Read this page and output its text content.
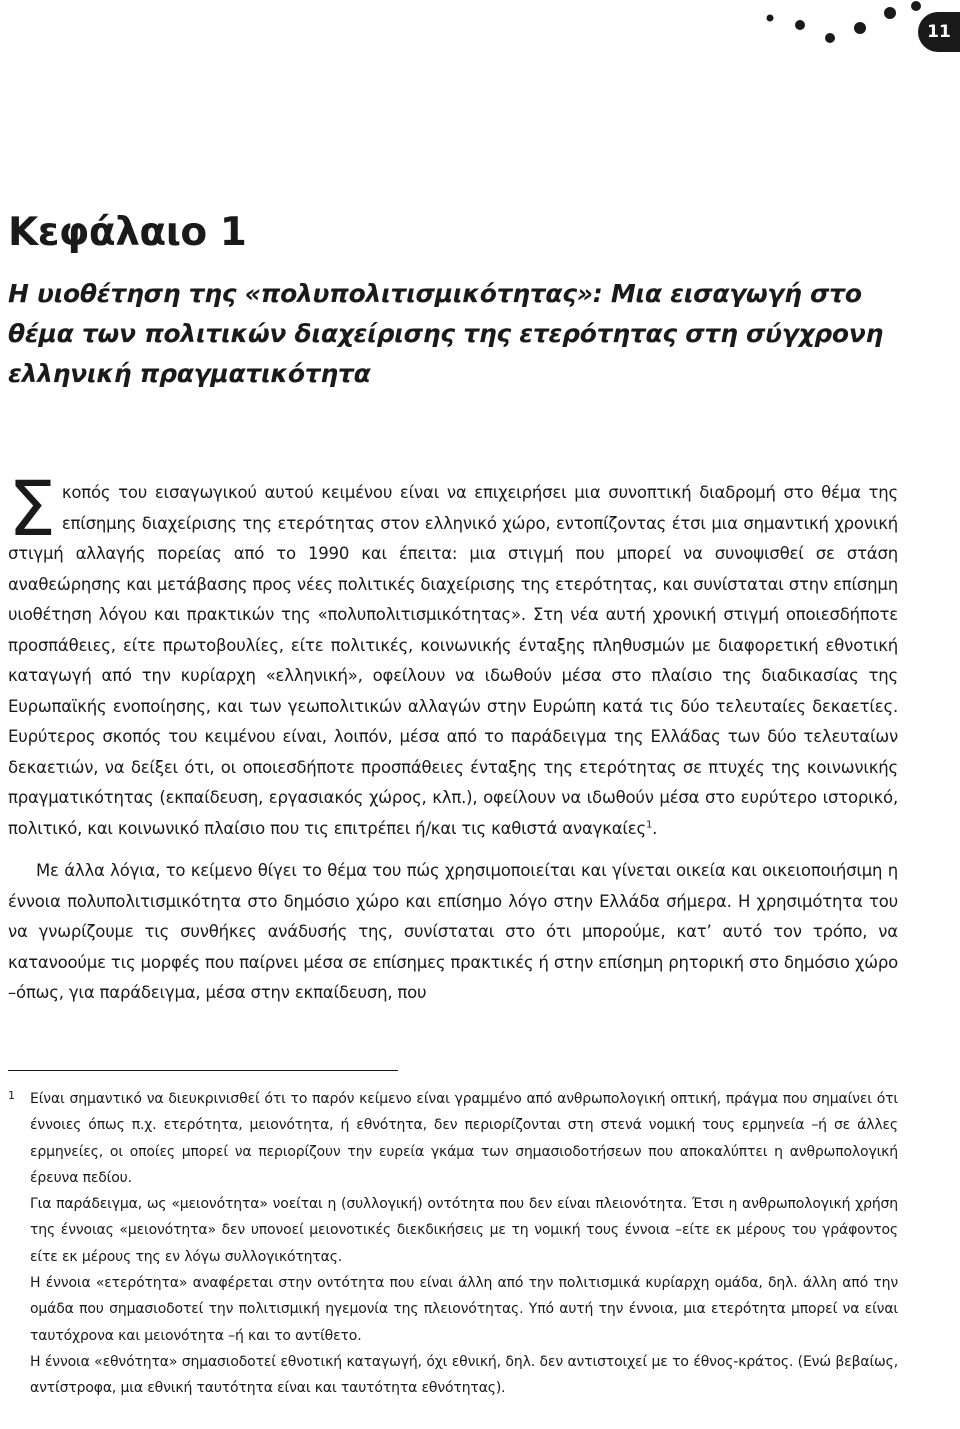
11
Κεφάλαιο 1
Η υιοθέτηση της «πολυπολιτισμικότητας»: Μια εισαγωγή στο θέμα των πολιτικών διαχείρισης της ετερότητας στη σύγχρονη ελληνική πραγματικότητα

Σκοπός του εισαγωγικού αυτού κειμένου είναι να επιχειρήσει μια συνοπτική διαδρομή στο θέμα της επίσημης διαχείρισης της ετερότητας στον ελληνικό χώρο, εντοπίζοντας έτσι μια σημαντική χρονική στιγμή αλλαγής πορείας από το 1990 και έπειτα: μια στιγμή που μπορεί να συνοψισθεί σε στάση αναθεώρησης και μετάβασης προς νέες πολιτικές διαχείρισης της ετερότητας, και συνίσταται στην επίσημη υιοθέτηση λόγου και πρακτικών της «πολυπολιτισμικότητας». Στη νέα αυτή χρονική στιγμή οποιεσδήποτε προσπάθειες, είτε πρωτοβουλίες, είτε πολιτικές, κοινωνικής ένταξης πληθυσμών με διαφορετική εθνοτική καταγωγή από την κυρίαρχη «ελληνική», οφείλουν να ιδωθούν μέσα στο πλαίσιο της διαδικασίας της Ευρωπαϊκής ενοποίησης, και των γεωπολιτικών αλλαγών στην Ευρώπη κατά τις δύο τελευταίες δεκαετίες. Ευρύτερος σκοπός του κειμένου είναι, λοιπόν, μέσα από το παράδειγμα της Ελλάδας των δύο τελευταίων δεκαετιών, να δείξει ότι, οι οποιεσδήποτε προσπάθειες ένταξης της ετερότητας σε πτυχές της κοινωνικής πραγματικότητας (εκπαίδευση, εργασιακός χώρος, κλπ.), οφείλουν να ιδωθούν μέσα στο ευρύτερο ιστορικό, πολιτικό, και κοινωνικό πλαίσιο που τις επιτρέπει ή/και τις καθιστά αναγκαίες$^1$.

Με άλλα λόγια, το κείμενο θίγει το θέμα του πώς χρησιμοποιείται και γίνεται οικεία και οικειοποιήσιμη η έννοια πολυπολιτισμικότητα στο δημόσιο χώρο και επίσημο λόγο στην Ελλάδα σήμερα. Η χρησιμότητα του να γνωρίζουμε τις συνθήκες ανάδυσής της, συνίσταται στο ότι μπορούμε, κατ’ αυτό τον τρόπο, να κατανοούμε τις μορφές που παίρνει μέσα σε επίσημες πρακτικές ή στην επίσημη ρητορική στο δημόσιο χώρο –όπως, για παράδειγμα, μέσα στην εκπαίδευση, που

1 Είναι σημαντικό να διευκρινισθεί ότι το παρόν κείμενο είναι γραμμένο από ανθρωπολογική οπτική, πράγμα που σημαίνει ότι έννοιες όπως π.χ. ετερότητα, μειονότητα, ή εθνότητα, δεν περιορίζονται στη στενά νομική τους ερμηνεία –ή σε άλλες ερμηνείες, οι οποίες μπορεί να περιορίζουν την ευρεία γκάμα των σημασιοδοτήσεων που αποκαλύπτει η ανθρωπολογική έρευνα πεδίου.

Για παράδειγμα, ως «μειονότητα» νοείται η (συλλογική) οντότητα που δεν είναι πλειονότητα. Έτσι η ανθρωπολογική χρήση της έννοιας «μειονότητα» δεν υπονοεί μειονοτικές διεκδικήσεις με τη νομική τους έννοια –είτε εκ μέρους του γράφοντος είτε εκ μέρους της εν λόγω συλλογικότητας.

Η έννοια «ετερότητα» αναφέρεται στην οντότητα που είναι άλλη από την πολιτισμικά κυρίαρχη ομάδα, δηλ. άλλη από την ομάδα που σημασιοδοτεί την πολιτισμική ηγεμονία της πλειονότητας. Υπό αυτή την έννοια, μια ετερότητα μπορεί να είναι ταυτόχρονα και μειονότητα –ή και το αντίθετο.

Η έννοια «εθνότητα» σημασιοδοτεί εθνοτική καταγωγή, όχι εθνική, δηλ. δεν αντιστοιχεί με το έθνος-κράτος. (Ενώ βεβαίως, αντίστροφα, μια εθνική ταυτότητα είναι και ταυτότητα εθνότητας).
